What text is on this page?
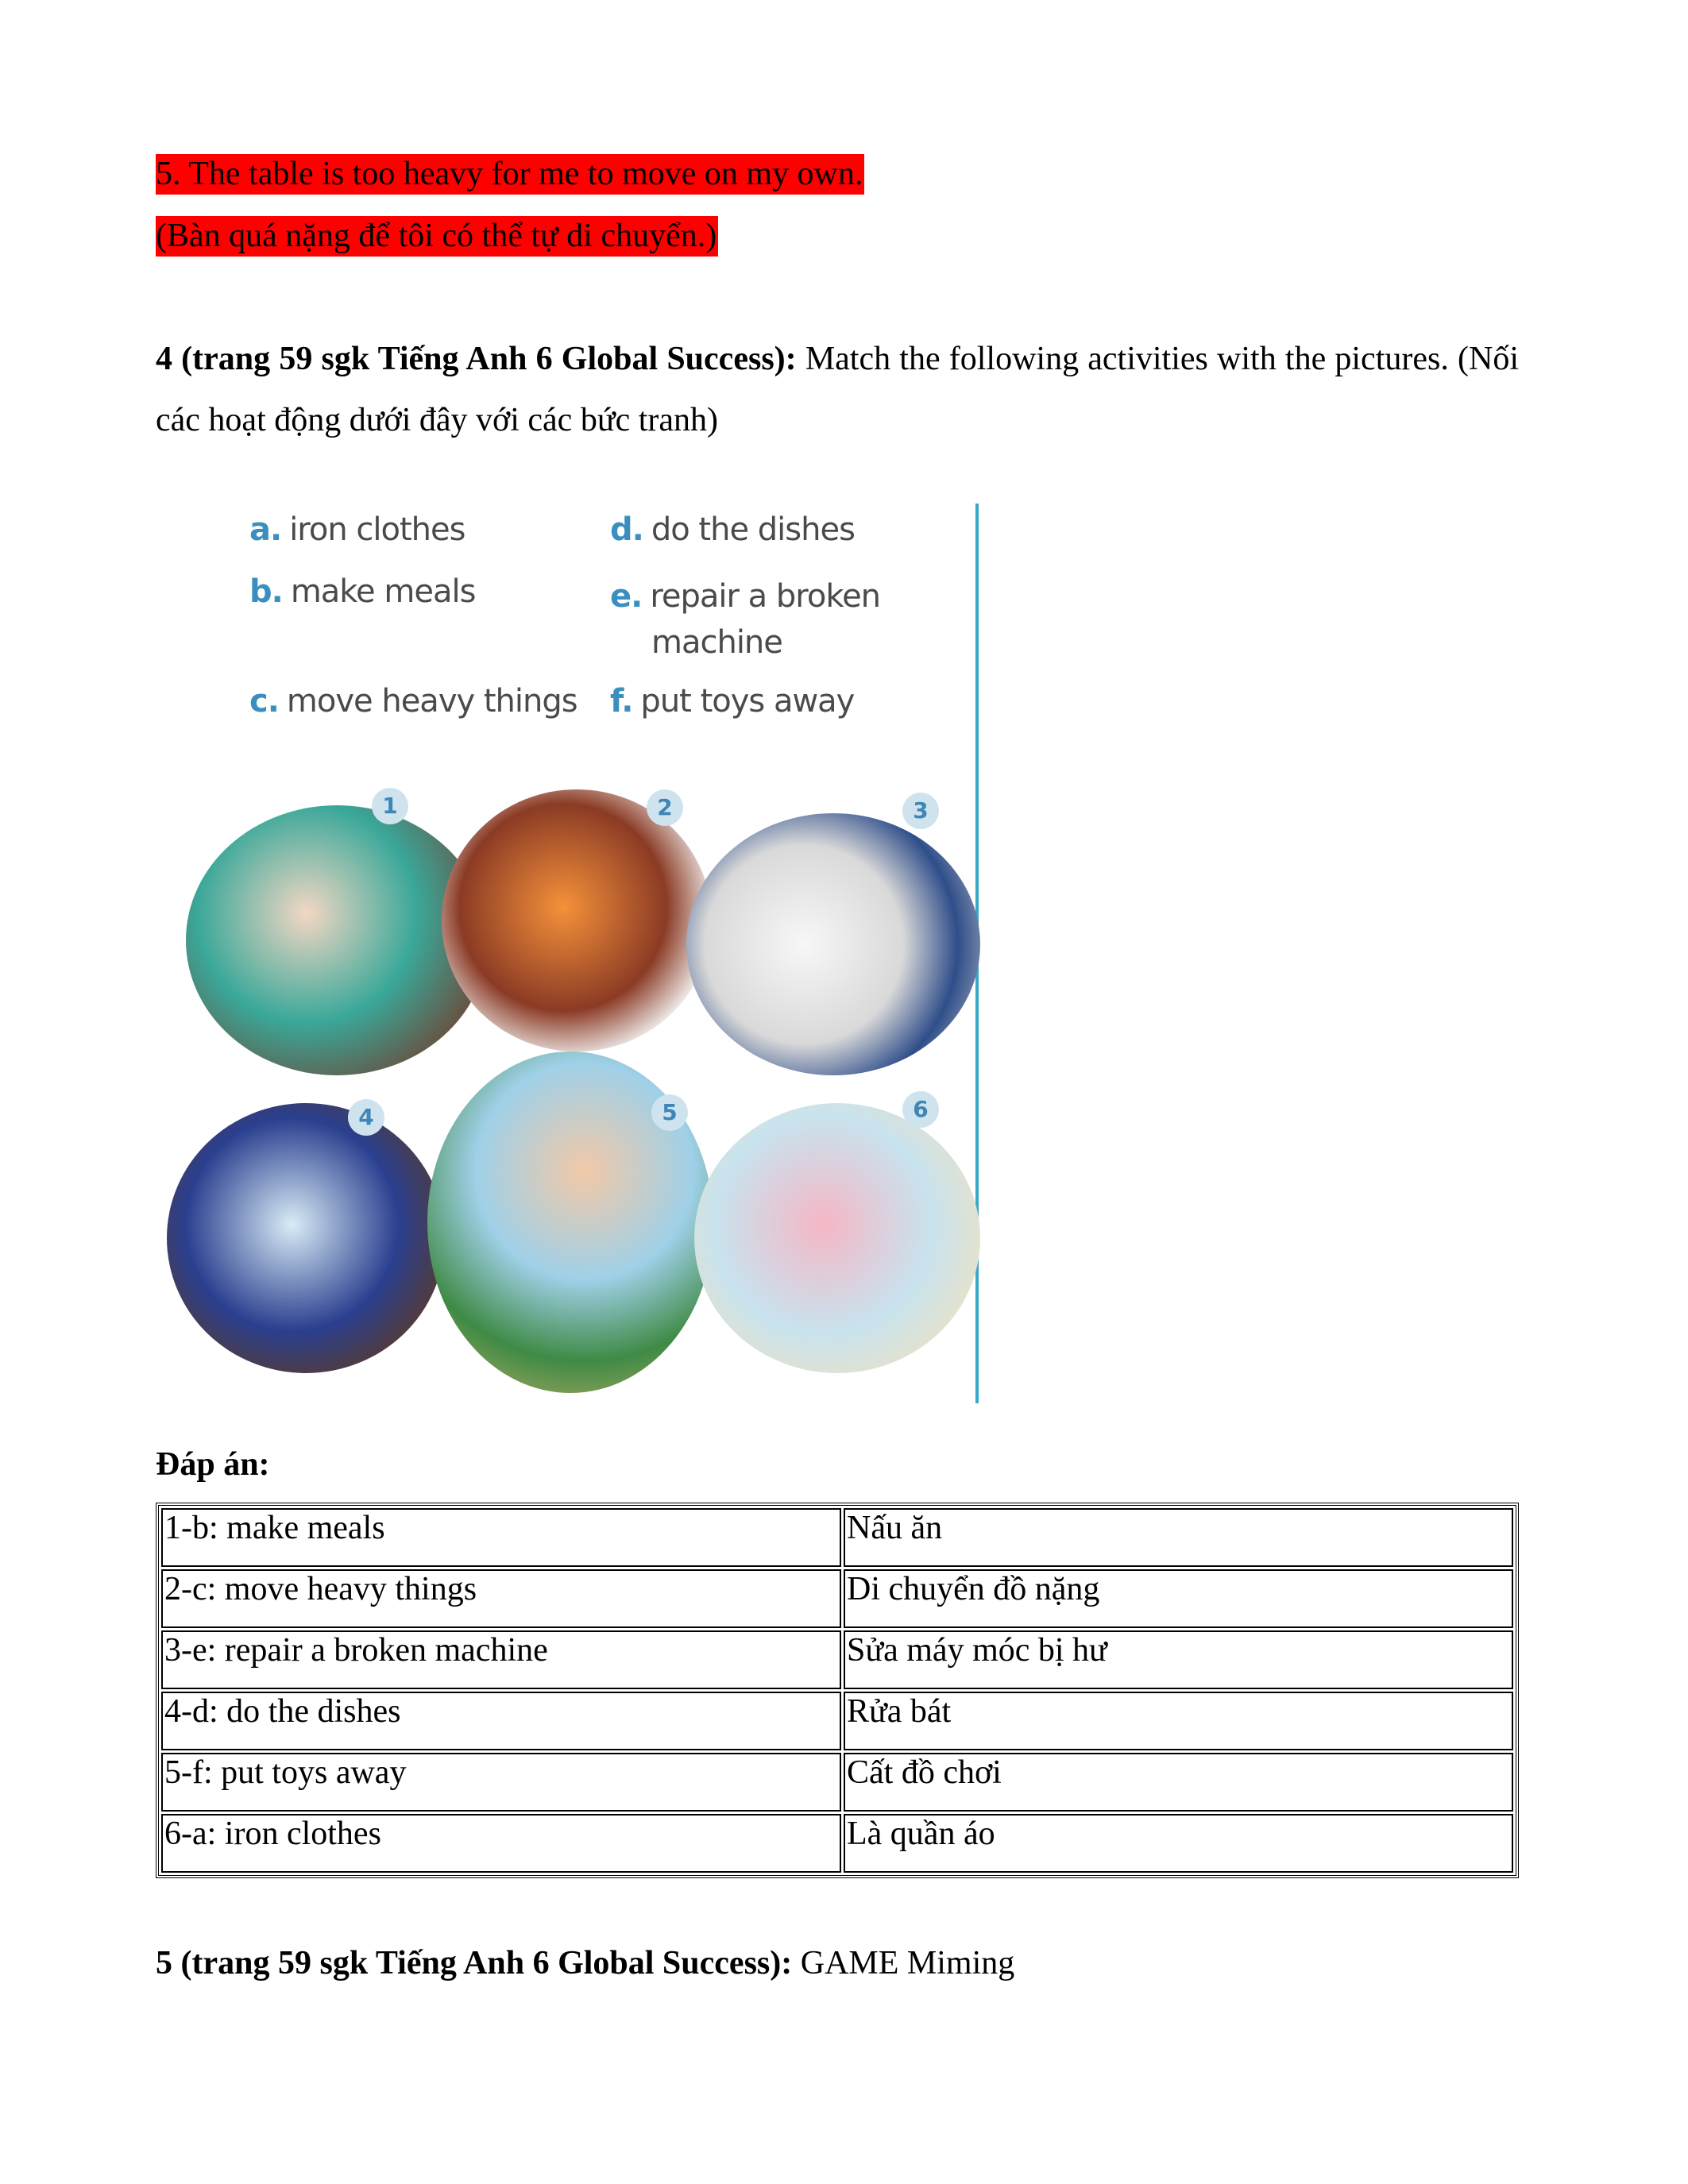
5. The table is too heavy for me to move on my own.
(Bàn quá nặng để tôi có thể tự di chuyển.)
4 (trang 59 sgk Tiếng Anh 6 Global Success): Match the following activities with the pictures. (Nối các hoạt động dưới đây với các bức tranh)
a. iron clothes
b. make meals
c. move heavy things
d. do the dishes
e. repair a broken machine
f. put toys away
1	2	3
4	5	6
Đáp án:
1-b: make meals	Nấu ăn
2-c: move heavy things	Di chuyển đồ nặng
3-e: repair a broken machine	Sửa máy móc bị hư
4-d: do the dishes	Rửa bát
5-f: put toys away	Cất đồ chơi
6-a: iron clothes	Là quần áo
5 (trang 59 sgk Tiếng Anh 6 Global Success): GAME Miming
